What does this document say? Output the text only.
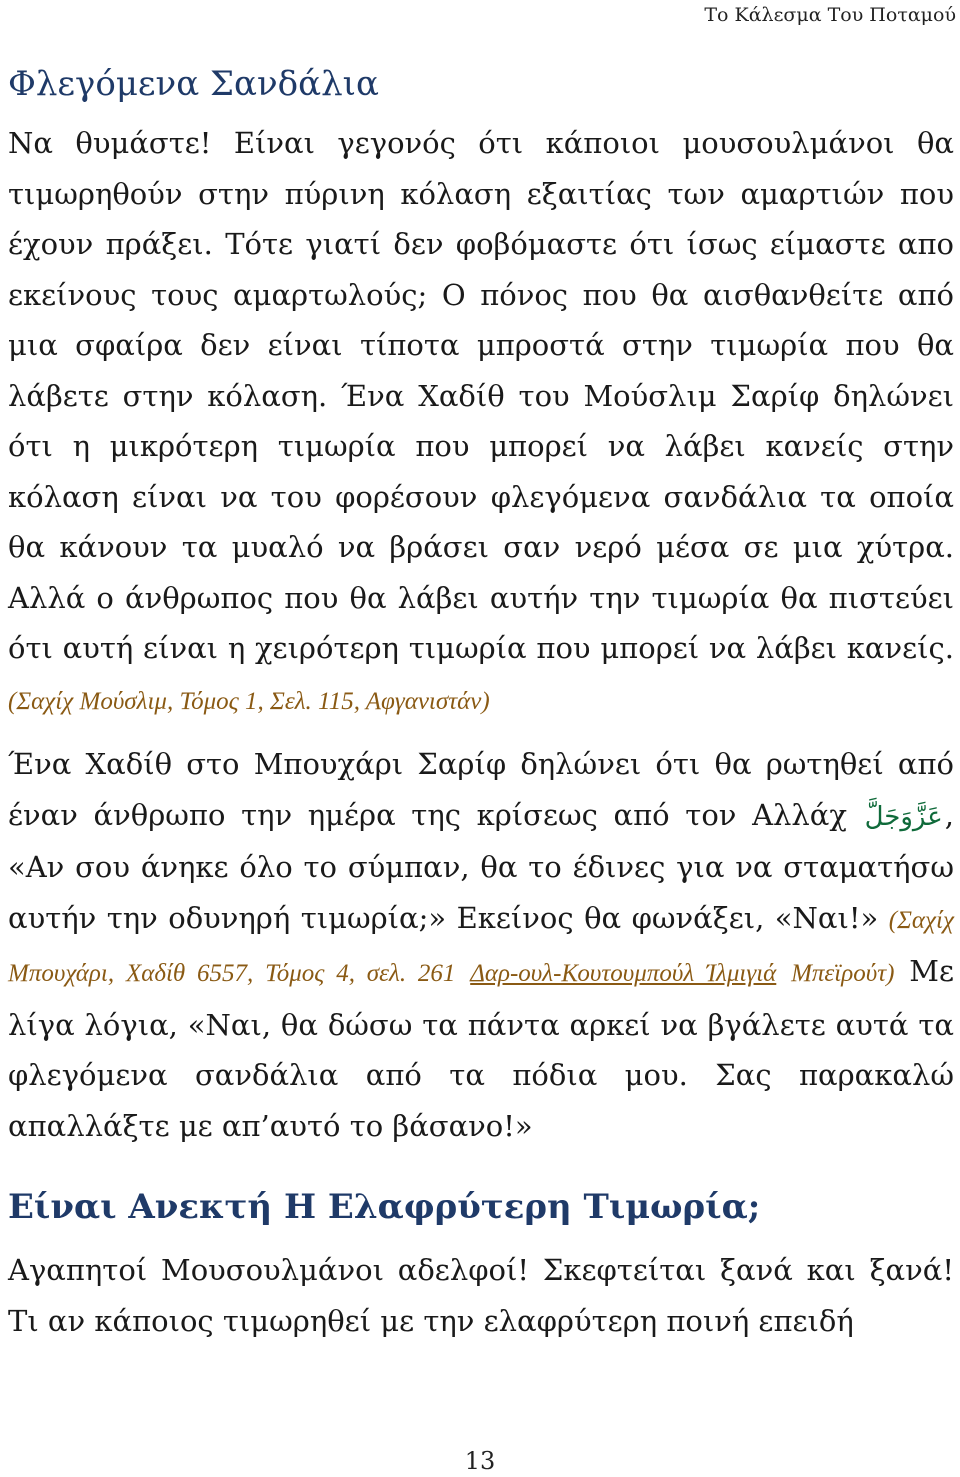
Το Κάλεσμα Του Ποταμού
Φλεγόμενα Σανδάλια

Να θυμάστε! Είναι γεγονός ότι κάποιοι μουσουλμάνοι θα τιμωρηθούν στην πύρινη κόλαση εξαιτίας των αμαρτιών που έχουν πράξει. Τότε γιατί δεν φοβόμαστε ότι ίσως είμαστε απο εκείνους τους αμαρτωλούς; Ο πόνος που θα αισθανθείτε από μια σφαίρα δεν είναι τίποτα μπροστά στην τιμωρία που θα λάβετε στην κόλαση. Ένα Χαδίθ του Μούσλιμ Σαρίφ δηλώνει ότι η μικρότερη τιμωρία που μπορεί να λάβει κανείς στην κόλαση είναι να του φορέσουν φλεγόμενα σανδάλια τα οποία θα κάνουν τα μυαλό να βράσει σαν νερό μέσα σε μια χύτρα. Αλλά ο άνθρωπος που θα λάβει αυτήν την τιμωρία θα πιστεύει ότι αυτή είναι η χειρότερη τιμωρία που μπορεί να λάβει κανείς. (Σαχίχ Μούσλιμ, Τόμος 1, Σελ. 115, Αφγανιστάν)

Ένα Χαδίθ στο Μπουχάρι Σαρίφ δηλώνει ότι θα ρωτηθεί από έναν άνθρωπο την ημέρα της κρίσεως από τον Αλλάχ عَزَّوَجَلَّ, «Αν σου άνηκε όλο το σύμπαν, θα το έδινες για να σταματήσω αυτήν την οδυνηρή τιμωρία;» Εκείνος θα φωνάξει, «Ναι!» (Σαχίχ Μπουχάρι, Χαδίθ 6557, Τόμος 4, σελ. 261 Δαρ-ουλ-Κουτουμπούλ Ίλμιγιά Μπεϊρούτ) Με λίγα λόγια, «Ναι, θα δώσω τα πάντα αρκεί να βγάλετε αυτά τα φλεγόμενα σανδάλια από τα πόδια μου. Σας παρακαλώ απαλλάξτε με απ’αυτό το βάσανο!»

Είναι Ανεκτή Η Ελαφρύτερη Τιμωρία;

Αγαπητοί Μουσουλμάνοι αδελφοί! Σκεφτείται ξανά και ξανά! Τι αν κάποιος τιμωρηθεί με την ελαφρύτερη ποινή επειδή

13
